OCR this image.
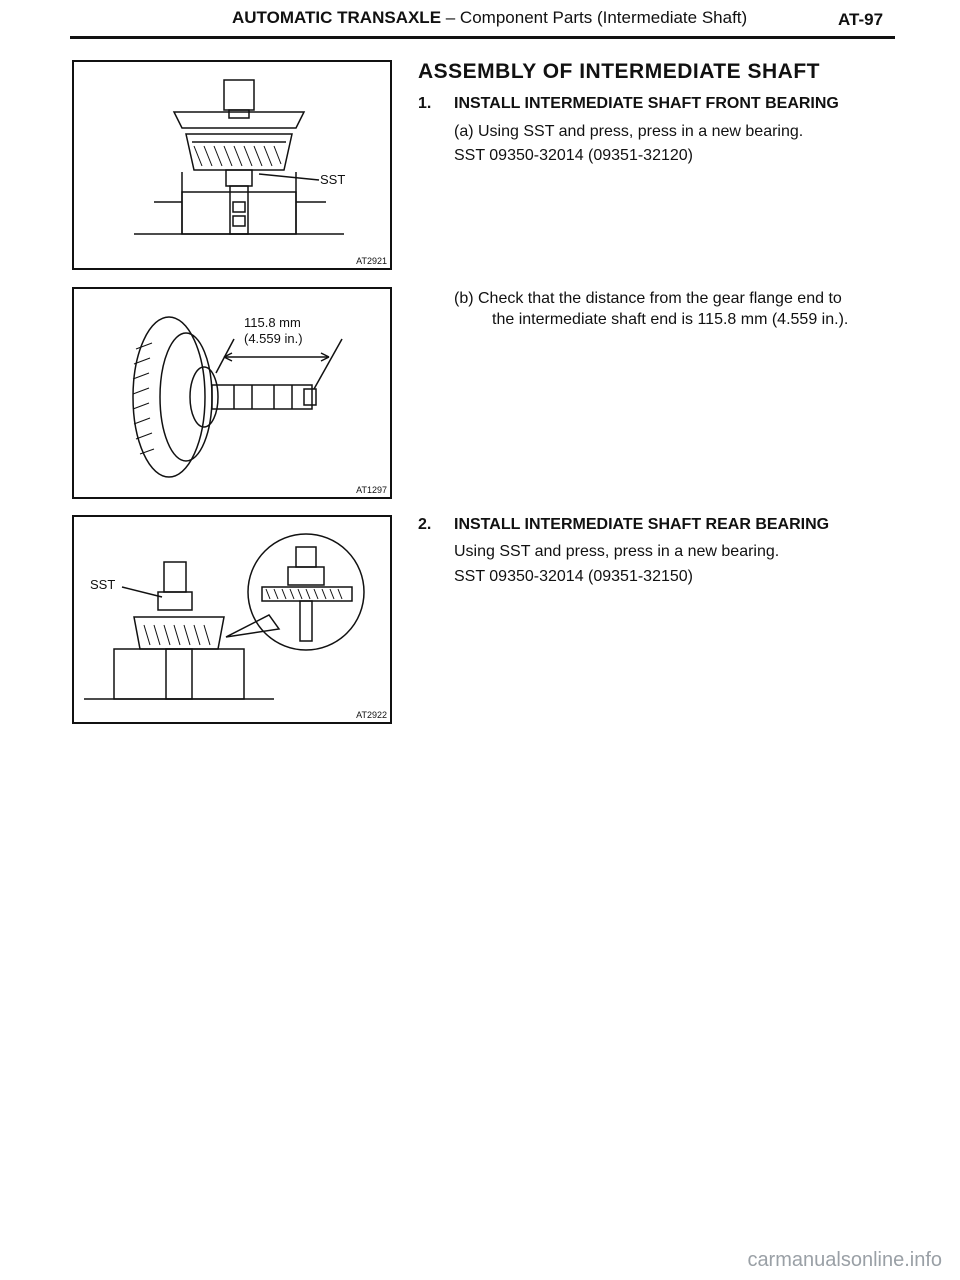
AUTOMATIC TRANSAXLE – Component Parts (Intermediate Shaft)	AT-97
SST
AT2921
115.8 mm
(4.559 in.)
AT1297
SST
AT2922
ASSEMBLY OF INTERMEDIATE SHAFT
1. INSTALL INTERMEDIATE SHAFT FRONT BEARING
(a) Using SST and press, press in a new bearing.
SST 09350-32014 (09351-32120)
(b) Check that the distance from the gear flange end to
the intermediate shaft end is 115.8 mm (4.559 in.).
2. INSTALL INTERMEDIATE SHAFT REAR BEARING
Using SST and press, press in a new bearing.
SST 09350-32014 (09351-32150)
carmanualsonline.info
